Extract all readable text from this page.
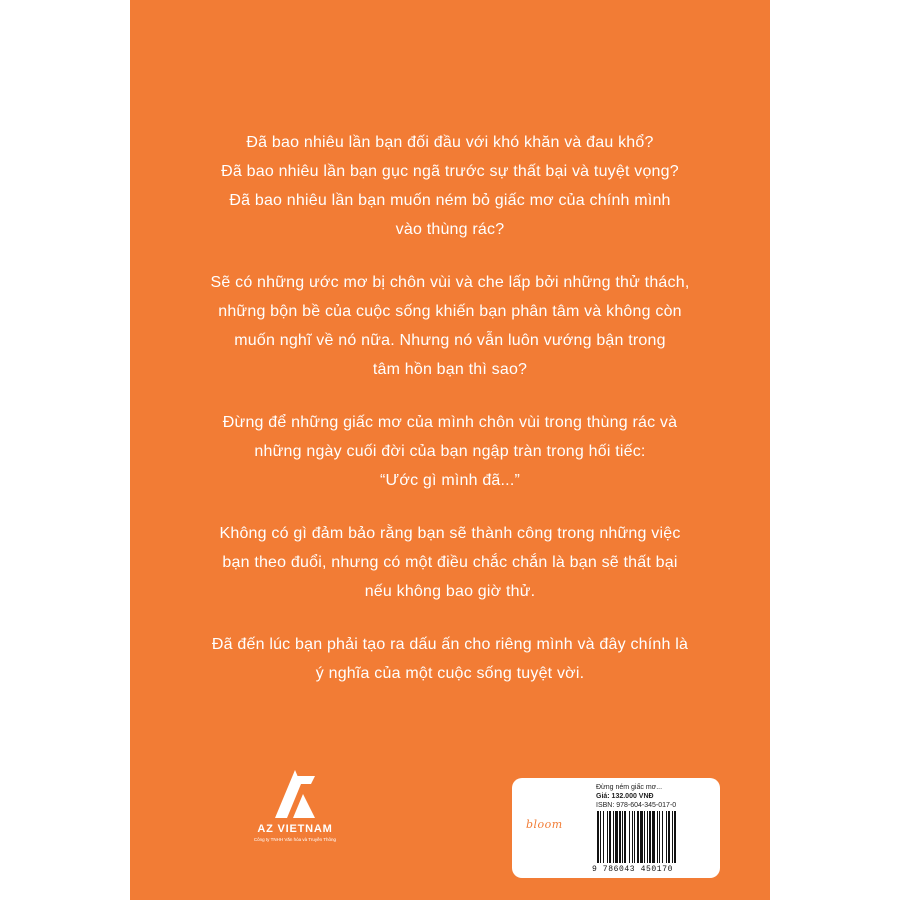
Đã bao nhiêu lần bạn đối đầu với khó khăn và đau khổ?
Đã bao nhiêu lần bạn gục ngã trước sự thất bại và tuyệt vọng?
Đã bao nhiêu lần bạn muốn ném bỏ giấc mơ của chính mình
vào thùng rác?

Sẽ có những ước mơ bị chôn vùi và che lấp bởi những thử thách,
những bộn bề của cuộc sống khiến bạn phân tâm và không còn
muốn nghĩ về nó nữa. Nhưng nó vẫn luôn vướng bận trong
tâm hồn bạn thì sao?

Đừng để những giấc mơ của mình chôn vùi trong thùng rác và
những ngày cuối đời của bạn ngập tràn trong hối tiếc:
“Ước gì mình đã...”

Không có gì đảm bảo rằng bạn sẽ thành công trong những việc
bạn theo đuổi, nhưng có một điều chắc chắn là bạn sẽ thất bại
nếu không bao giờ thử.

Đã đến lúc bạn phải tạo ra dấu ấn cho riêng mình và đây chính là
ý nghĩa của một cuộc sống tuyệt vời.

AZ VIETNAM
Công ty TNHH Văn hóa và Truyền Thông
bloom
Đừng ném giấc mơ...
Giá: 132.000 VNĐ
ISBN: 978-604-345-017-0
9 786043 450170
